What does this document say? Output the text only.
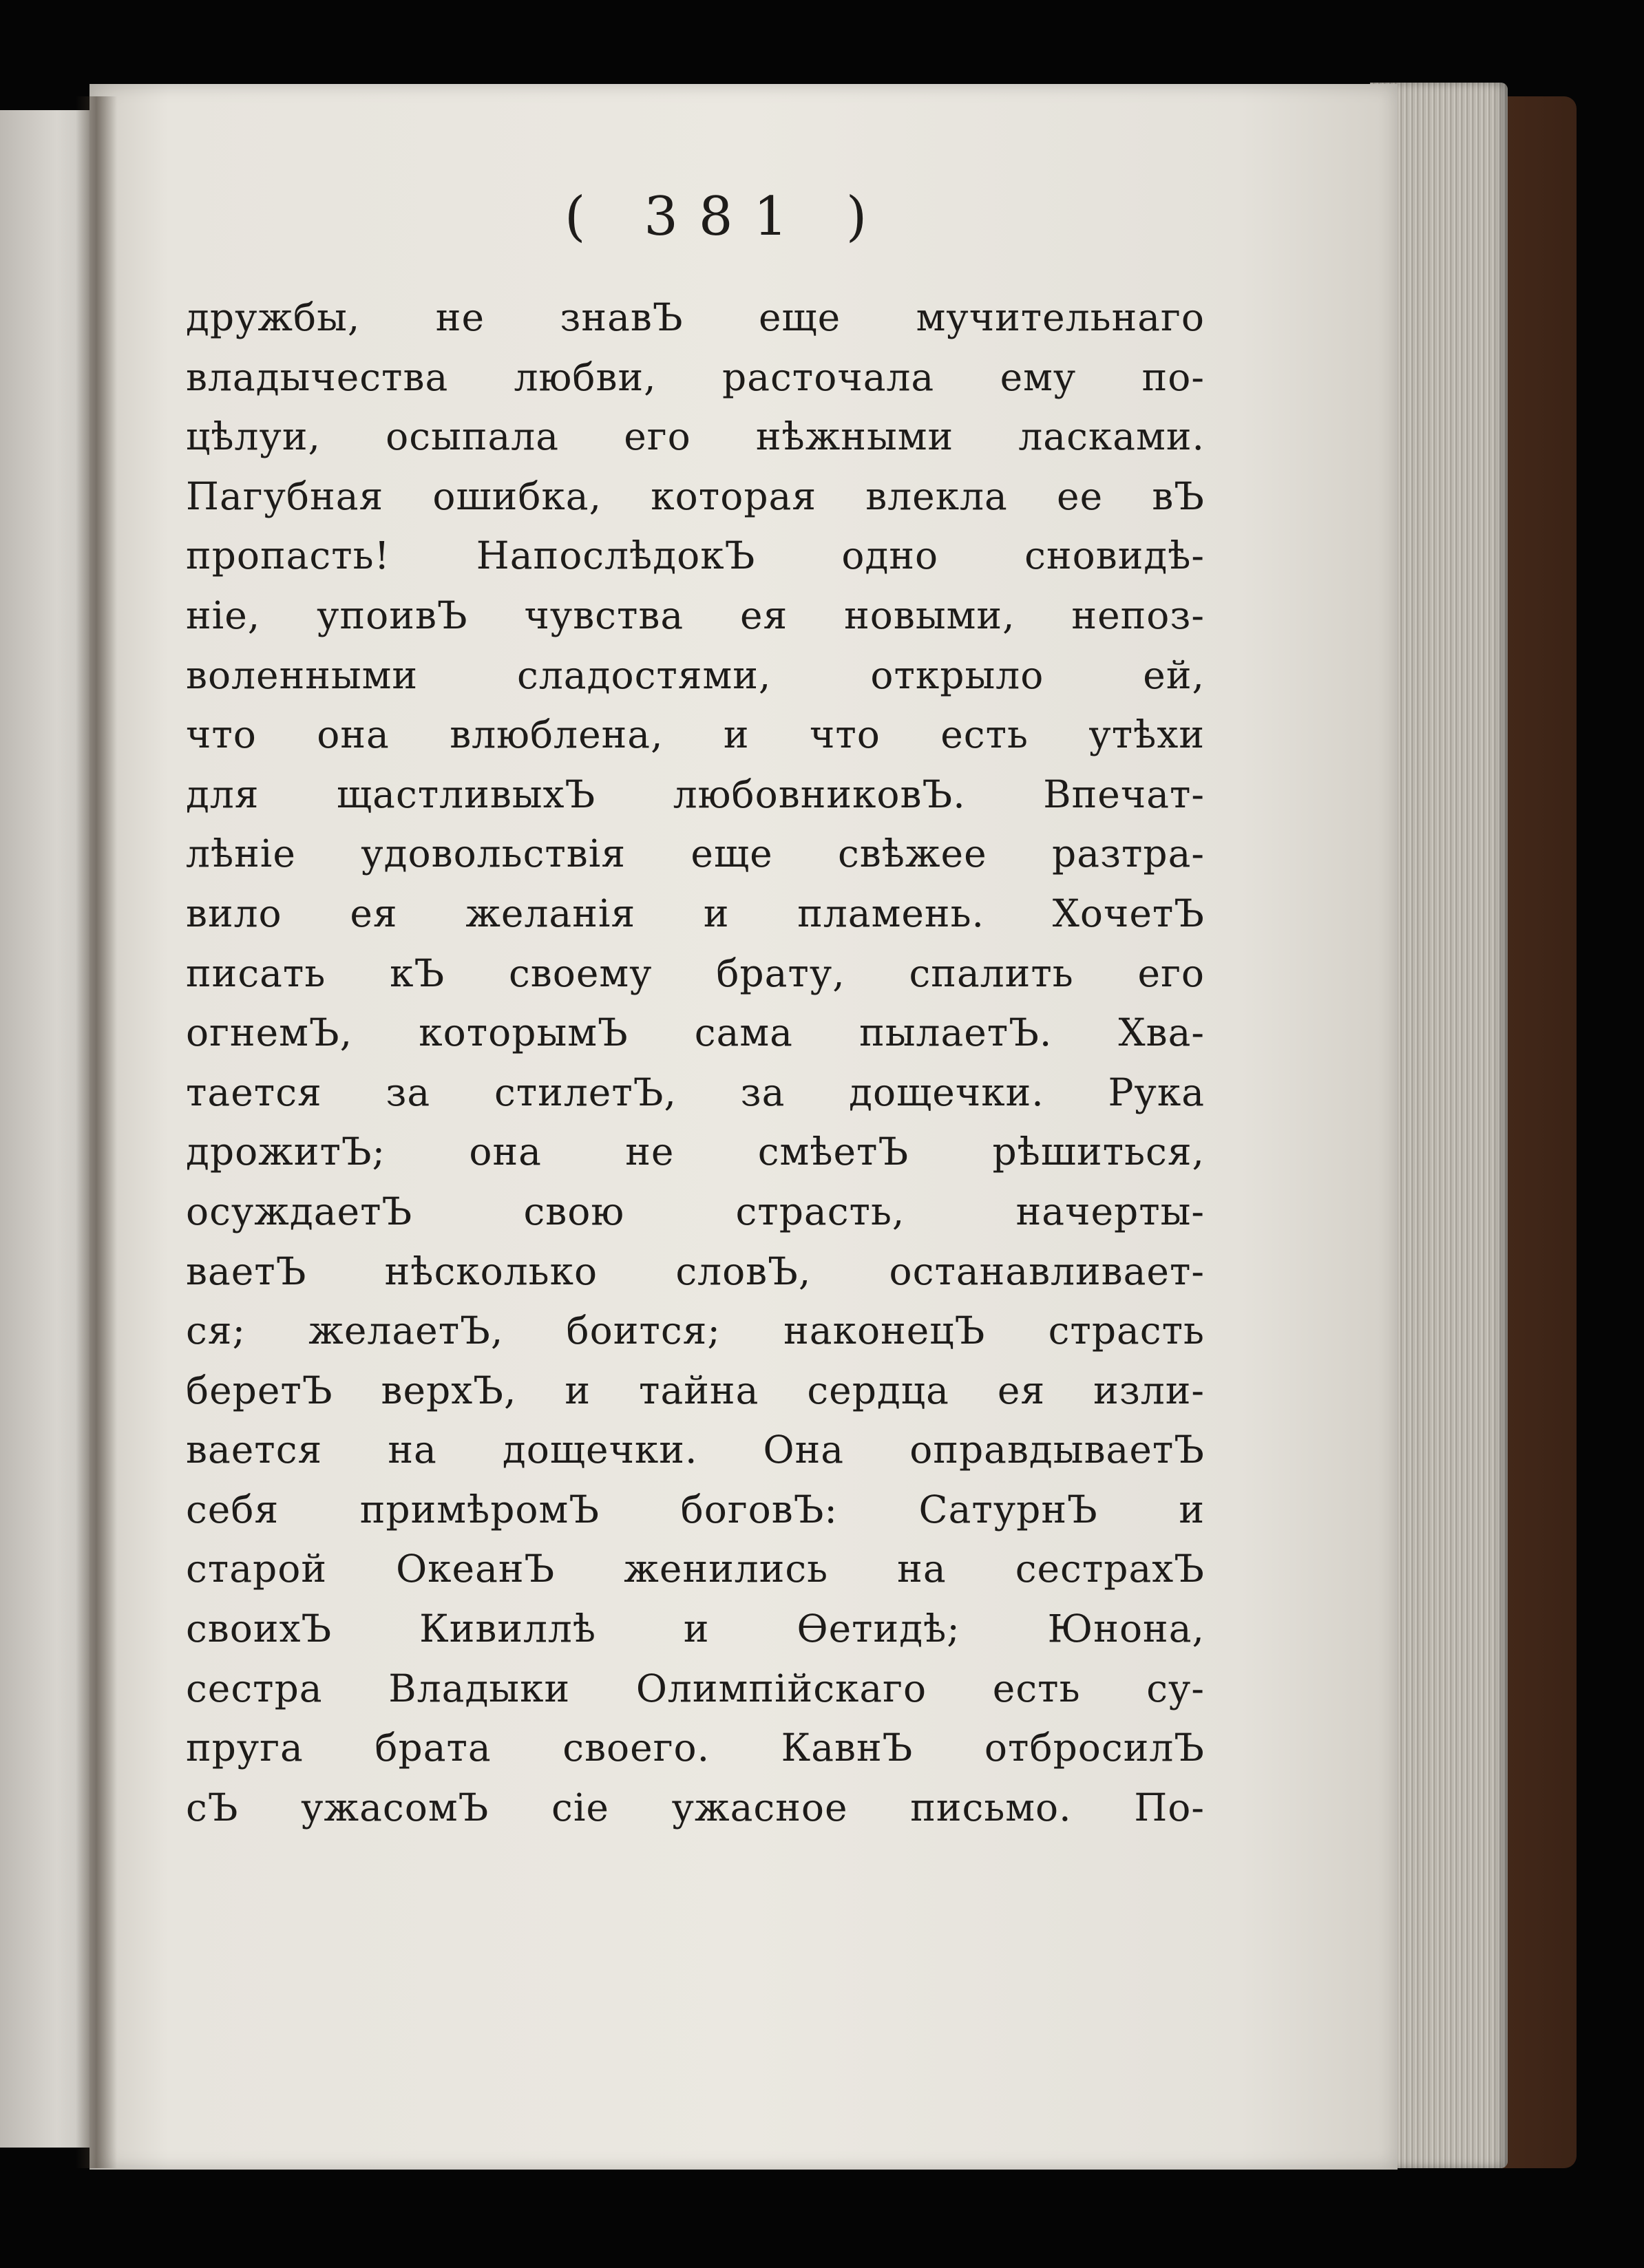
( 381 )
дружбы, не знавЪ еще мучительнаго
владычества любви, расточала ему по-
цѣлуи, осыпала его нѣжными ласками.
Пагубная ошибка, которая влекла ее вЪ
пропасть! НапослѣдокЪ одно сновидѣ-
ніе, упоивЪ чувства ея новыми, непоз-
воленными сладостями, открыло ей,
что она влюблена, и что есть утѣхи
для щастливыхЪ любовниковЪ. Впечат-
лѣніе удовольствія еще свѣжее разтра-
вило ея желанія и пламень. ХочетЪ
писать кЪ своему брату, спалить его
огнемЪ, которымЪ сама пылаетЪ. Хва-
тается за стилетЪ, за дощечки. Рука
дрожитЪ; она не смѣетЪ рѣшиться,
осуждаетЪ свою страсть, начерты-
ваетЪ нѣсколько словЪ, останавливает-
ся; желаетЪ, боится; наконецЪ страсть
беретЪ верхЪ, и тайна сердца ея изли-
вается на дощечки. Она оправдываетЪ
себя примѣромЪ боговЪ: СатурнЪ и
старой ОкеанЪ женились на сестрахЪ
своихЪ Кивиллѣ и Ѳетидѣ; Юнона,
сестра Владыки Олимпійскаго есть су-
пруга брата своего. КавнЪ отбросилЪ
сЪ ужасомЪ сіе ужасное письмо. По-
